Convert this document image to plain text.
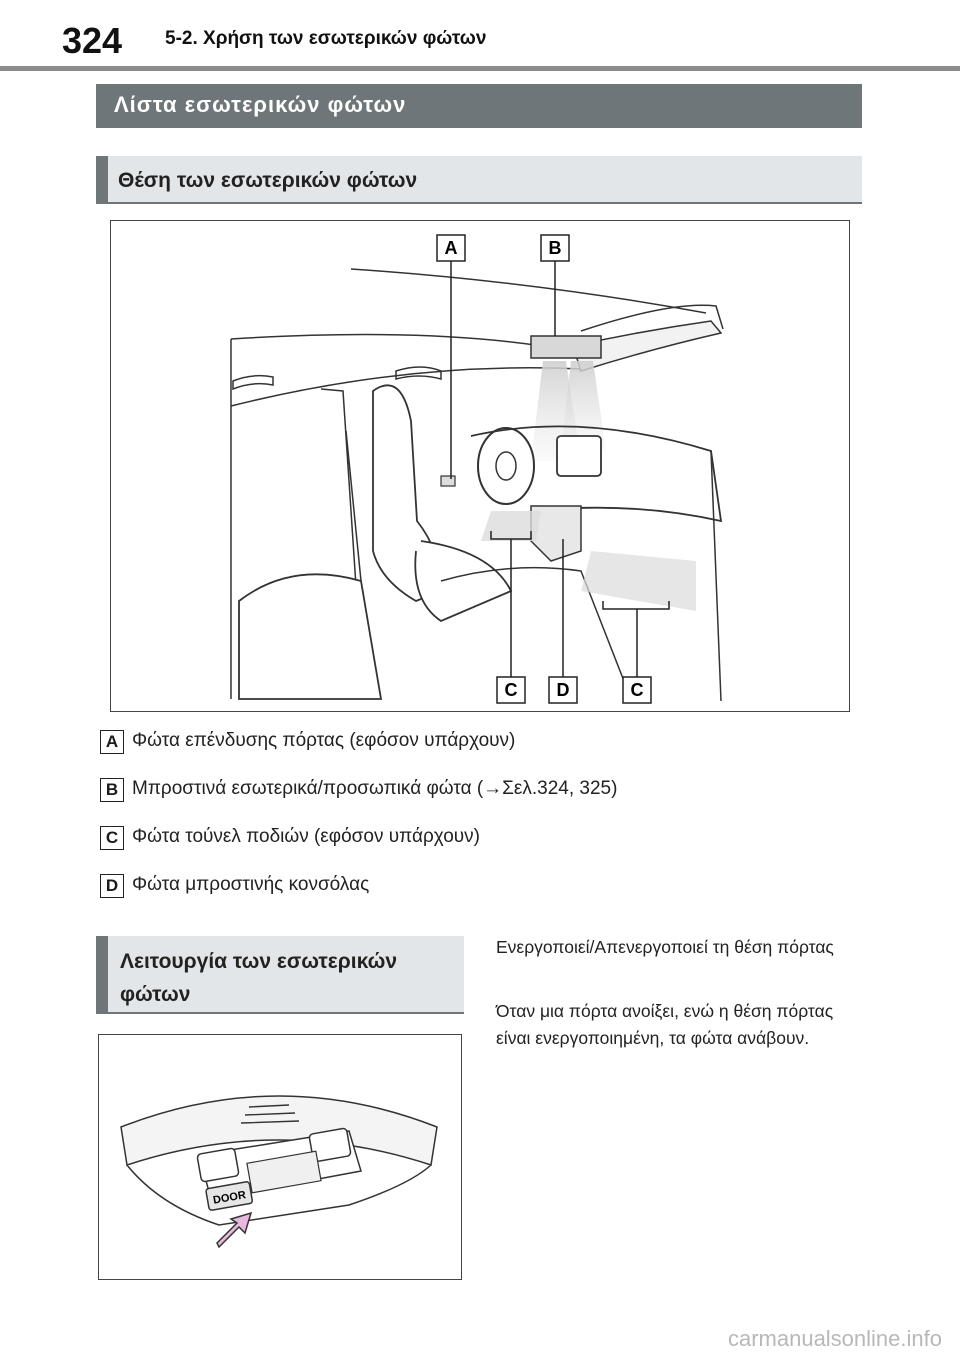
324 5-2. Χρήση των εσωτερικών φώτων
Λίστα εσωτερικών φώτων
Θέση των εσωτερικών φώτων
A	B
C D	C
A Φώτα επένδυσης πόρτας (εφόσον υπάρχουν)
B Μπροστινά εσωτερικά/προσωπικά φώτα (→Σελ.324, 325)
C Φώτα τούνελ ποδιών (εφόσον υπάρχουν)
D Φώτα μπροστινής κονσόλας
Λειτουργία των εσωτερικών φώτων
DOOR
Ενεργοποιεί/Απενεργοποιεί τη θέση πόρτας
Όταν μια πόρτα ανοίξει, ενώ η θέση πόρτας είναι ενεργοποιημένη, τα φώτα ανάβουν.
carmanualsonline.info
